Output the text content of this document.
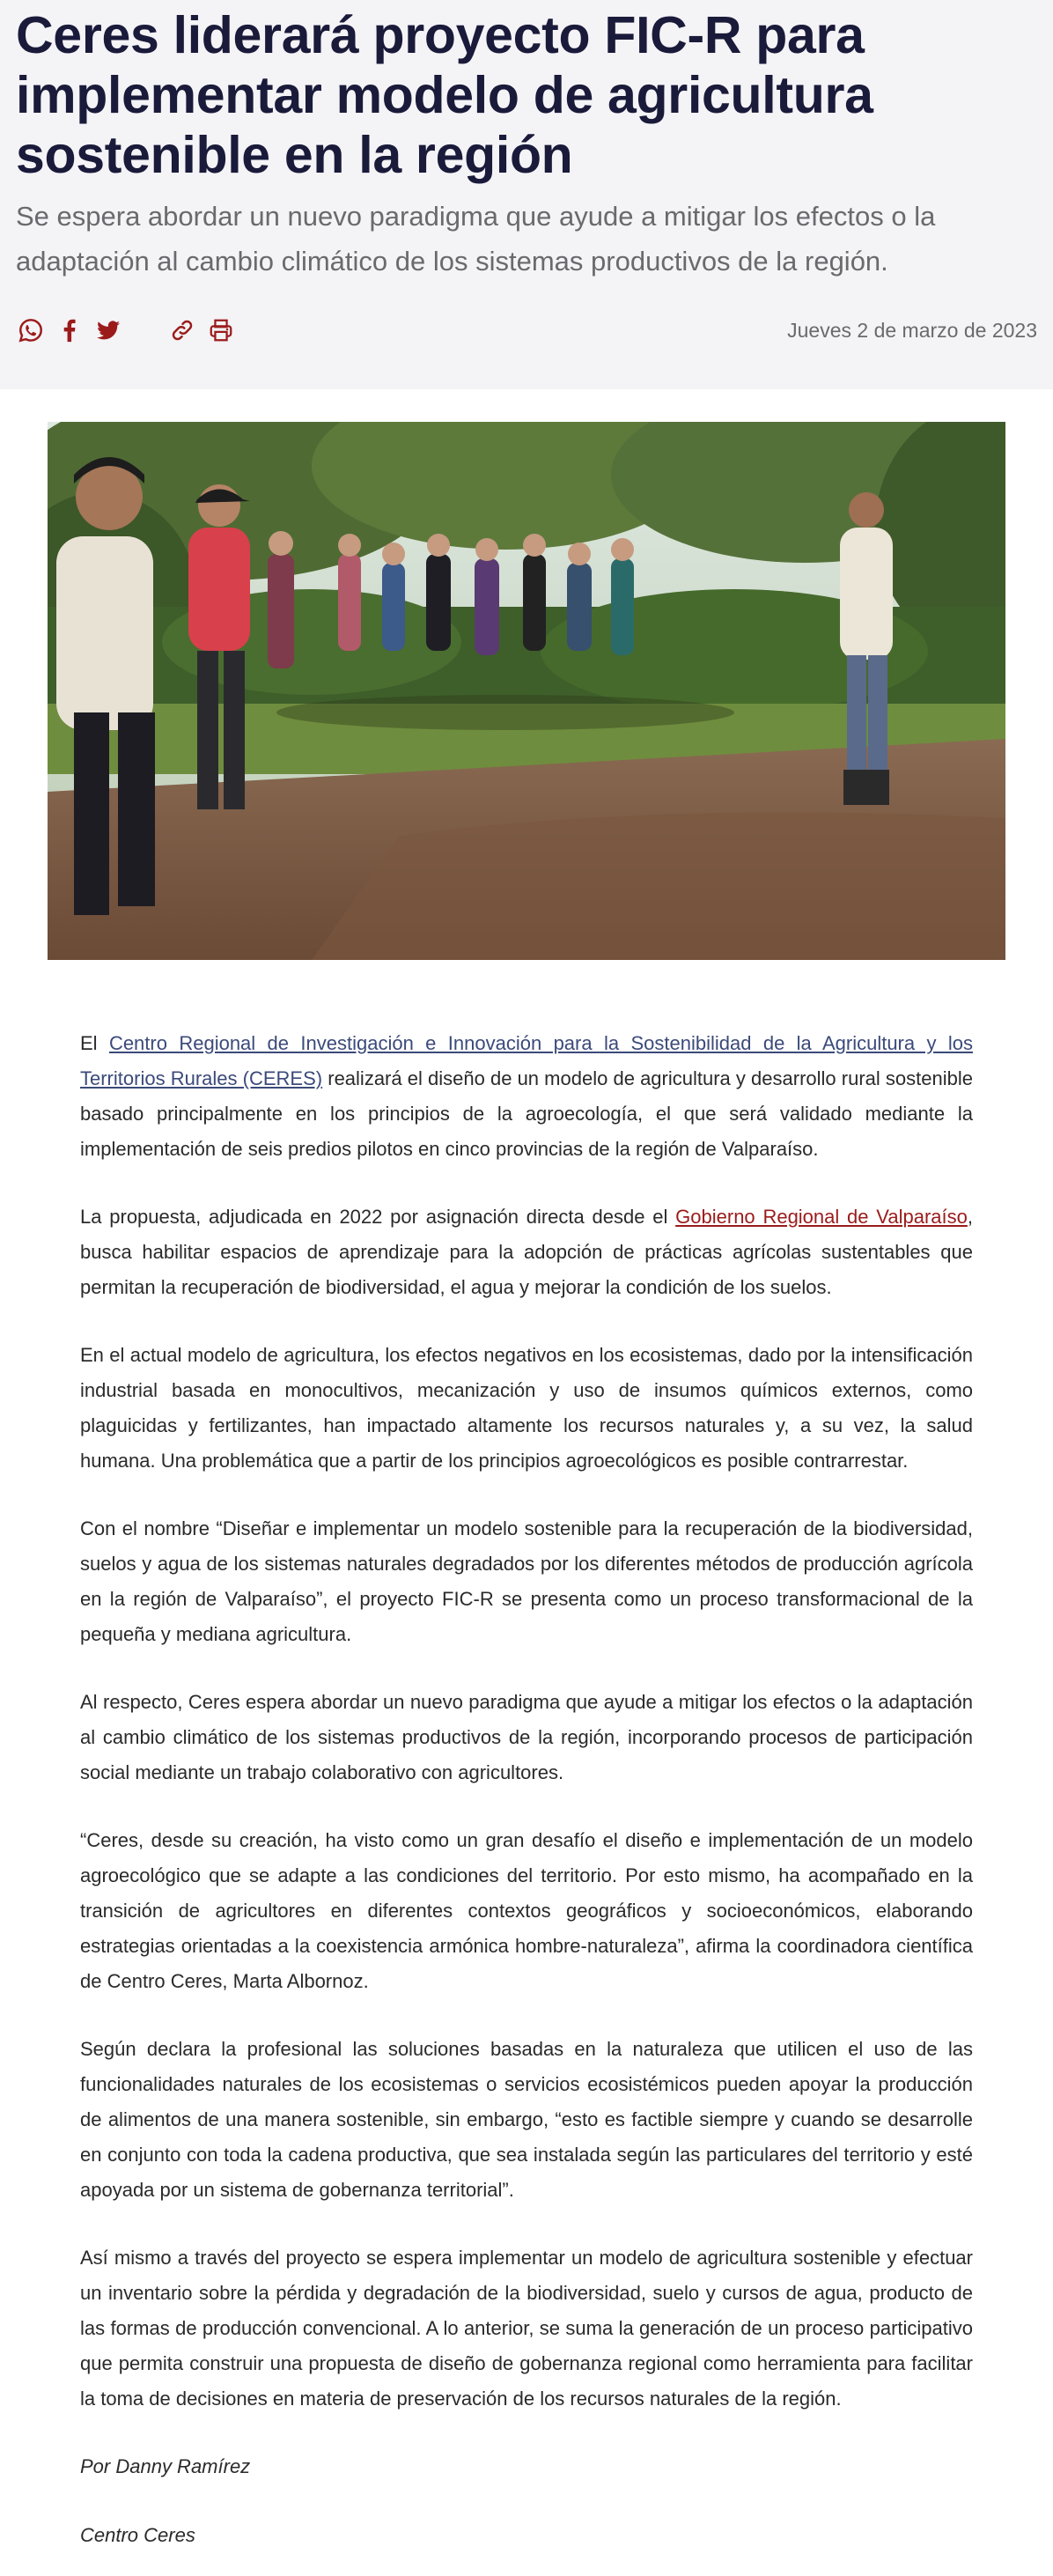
Ceres liderará proyecto FIC-R para implementar modelo de agricultura sostenible en la región
Se espera abordar un nuevo paradigma que ayude a mitigar los efectos o la adaptación al cambio climático de los sistemas productivos de la región.
Jueves 2 de marzo de 2023

El Centro Regional de Investigación e Innovación para la Sostenibilidad de la Agricultura y los Territorios Rurales (CERES) realizará el diseño de un modelo de agricultura y desarrollo rural sostenible basado principalmente en los principios de la agroecología, el que será validado mediante la implementación de seis predios pilotos en cinco provincias de la región de Valparaíso.

La propuesta, adjudicada en 2022 por asignación directa desde el Gobierno Regional de Valparaíso, busca habilitar espacios de aprendizaje para la adopción de prácticas agrícolas sustentables que permitan la recuperación de biodiversidad, el agua y mejorar la condición de los suelos.

En el actual modelo de agricultura, los efectos negativos en los ecosistemas, dado por la intensificación industrial basada en monocultivos, mecanización y uso de insumos químicos externos, como plaguicidas y fertilizantes, han impactado altamente los recursos naturales y, a su vez, la salud humana. Una problemática que a partir de los principios agroecológicos es posible contrarrestar.

Con el nombre “Diseñar e implementar un modelo sostenible para la recuperación de la biodiversidad, suelos y agua de los sistemas naturales degradados por los diferentes métodos de producción agrícola en la región de Valparaíso”, el proyecto FIC-R se presenta como un proceso transformacional de la pequeña y mediana agricultura.

Al respecto, Ceres espera abordar un nuevo paradigma que ayude a mitigar los efectos o la adaptación al cambio climático de los sistemas productivos de la región, incorporando procesos de participación social mediante un trabajo colaborativo con agricultores.

“Ceres, desde su creación, ha visto como un gran desafío el diseño e implementación de un modelo agroecológico que se adapte a las condiciones del territorio. Por esto mismo, ha acompañado en la transición de agricultores en diferentes contextos geográficos y socioeconómicos, elaborando estrategias orientadas a la coexistencia armónica hombre-naturaleza”, afirma la coordinadora científica de Centro Ceres, Marta Albornoz.

Según declara la profesional las soluciones basadas en la naturaleza que utilicen el uso de las funcionalidades naturales de los ecosistemas o servicios ecosistémicos pueden apoyar la producción de alimentos de una manera sostenible, sin embargo, “esto es factible siempre y cuando se desarrolle en conjunto con toda la cadena productiva, que sea instalada según las particulares del territorio y esté apoyada por un sistema de gobernanza territorial”.

Así mismo a través del proyecto se espera implementar un modelo de agricultura sostenible y efectuar un inventario sobre la pérdida y degradación de la biodiversidad, suelo y cursos de agua, producto de las formas de producción convencional. A lo anterior, se suma la generación de un proceso participativo que permita construir una propuesta de diseño de gobernanza regional como herramienta para facilitar la toma de decisiones en materia de preservación de los recursos naturales de la región.

Por Danny Ramírez

Centro Ceres
